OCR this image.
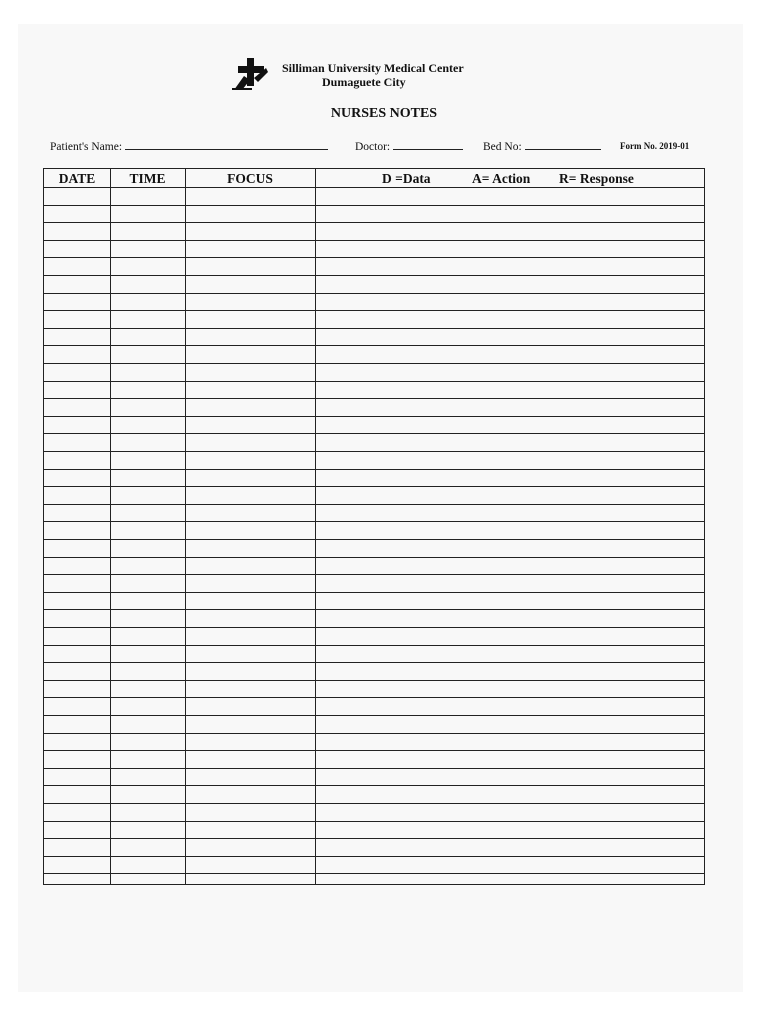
Silliman University Medical Center
Dumaguete City
NURSES NOTES
Patient's Name:	Doctor:	Bed No:	Form No. 2019-01
DATE	TIME	FOCUS	D =Data	A= Action R= Response
